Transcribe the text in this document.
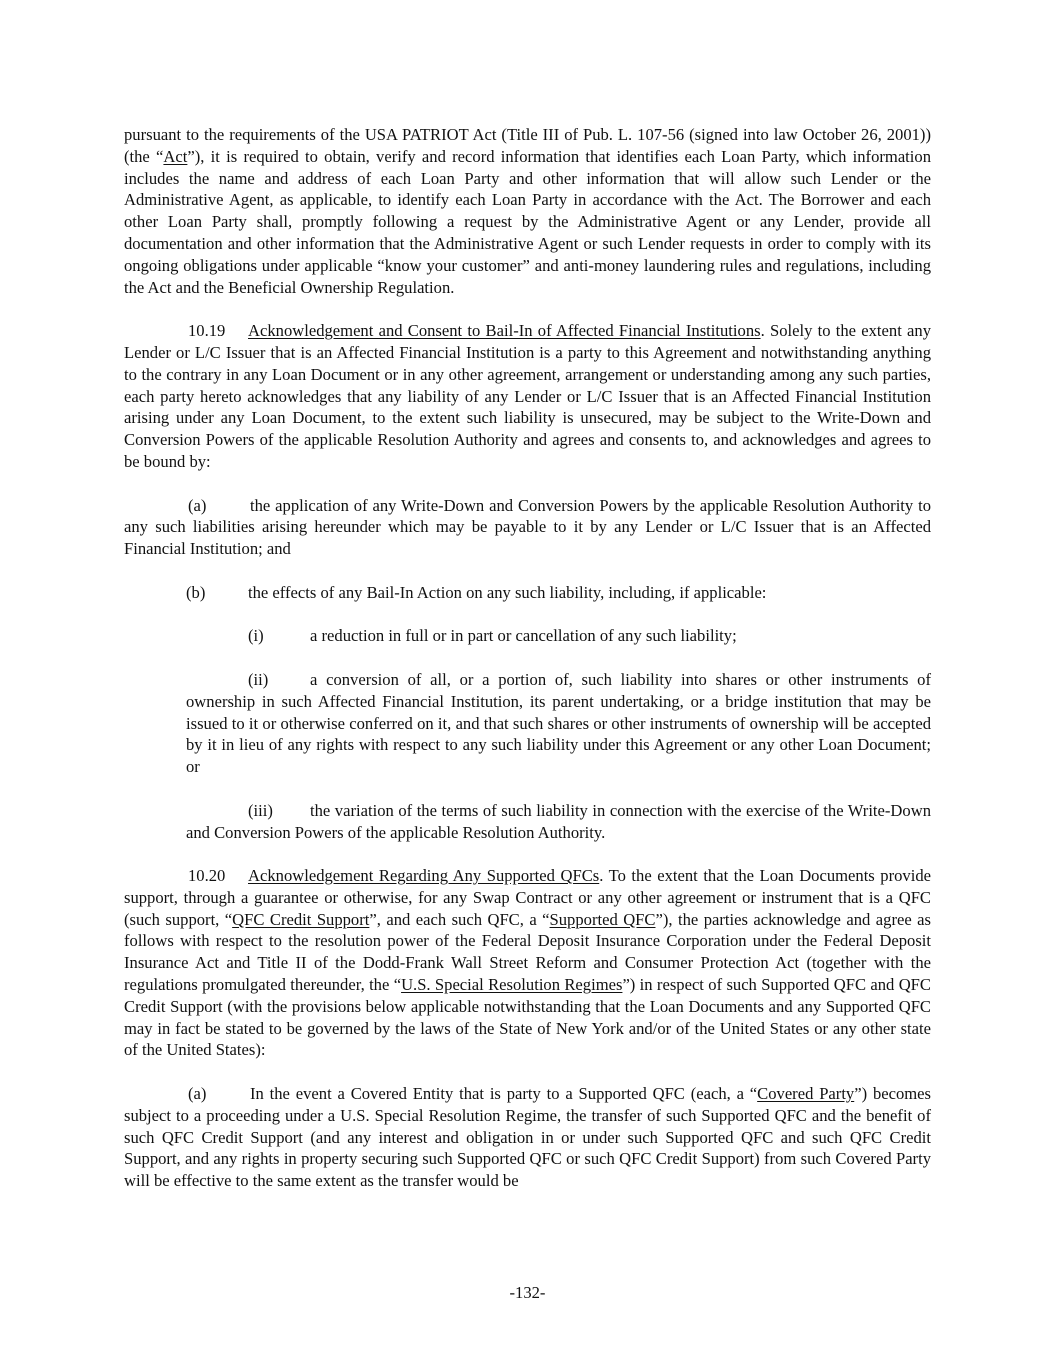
pursuant to the requirements of the USA PATRIOT Act (Title III of Pub. L. 107-56 (signed into law October 26, 2001)) (the “Act”), it is required to obtain, verify and record information that identifies each Loan Party, which information includes the name and address of each Loan Party and other information that will allow such Lender or the Administrative Agent, as applicable, to identify each Loan Party in accordance with the Act. The Borrower and each other Loan Party shall, promptly following a request by the Administrative Agent or any Lender, provide all documentation and other information that the Administrative Agent or such Lender requests in order to comply with its ongoing obligations under applicable “know your customer” and anti-money laundering rules and regulations, including the Act and the Beneficial Ownership Regulation.

10.19 Acknowledgement and Consent to Bail-In of Affected Financial Institutions. Solely to the extent any Lender or L/C Issuer that is an Affected Financial Institution is a party to this Agreement and notwithstanding anything to the contrary in any Loan Document or in any other agreement, arrangement or understanding among any such parties, each party hereto acknowledges that any liability of any Lender or L/C Issuer that is an Affected Financial Institution arising under any Loan Document, to the extent such liability is unsecured, may be subject to the Write-Down and Conversion Powers of the applicable Resolution Authority and agrees and consents to, and acknowledges and agrees to be bound by:

(a)	the application of any Write-Down and Conversion Powers by the applicable Resolution Authority to any such liabilities arising hereunder which may be payable to it by any Lender or L/C Issuer that is an Affected Financial Institution; and

(b)	the effects of any Bail-In Action on any such liability, including, if applicable:

(i)	a reduction in full or in part or cancellation of any such liability;

(ii)	a conversion of all, or a portion of, such liability into shares or other instruments of ownership in such Affected Financial Institution, its parent undertaking, or a bridge institution that may be issued to it or otherwise conferred on it, and that such shares or other instruments of ownership will be accepted by it in lieu of any rights with respect to any such liability under this Agreement or any other Loan Document; or

(iii) the variation of the terms of such liability in connection with the exercise of the Write-Down and Conversion Powers of the applicable Resolution Authority.

10.20 Acknowledgement Regarding Any Supported QFCs. To the extent that the Loan Documents provide support, through a guarantee or otherwise, for any Swap Contract or any other agreement or instrument that is a QFC (such support, “QFC Credit Support”, and each such QFC, a “Supported QFC”), the parties acknowledge and agree as follows with respect to the resolution power of the Federal Deposit Insurance Corporation under the Federal Deposit Insurance Act and Title II of the Dodd-Frank Wall Street Reform and Consumer Protection Act (together with the regulations promulgated thereunder, the “U.S. Special Resolution Regimes”) in respect of such Supported QFC and QFC Credit Support (with the provisions below applicable notwithstanding that the Loan Documents and any Supported QFC may in fact be stated to be governed by the laws of the State of New York and/or of the United States or any other state of the United States):

(a)	In the event a Covered Entity that is party to a Supported QFC (each, a “Covered Party”) becomes subject to a proceeding under a U.S. Special Resolution Regime, the transfer of such Supported QFC and the benefit of such QFC Credit Support (and any interest and obligation in or under such Supported QFC and such QFC Credit Support, and any rights in property securing such Supported QFC or such QFC Credit Support) from such Covered Party will be effective to the same extent as the transfer would be

-132-
